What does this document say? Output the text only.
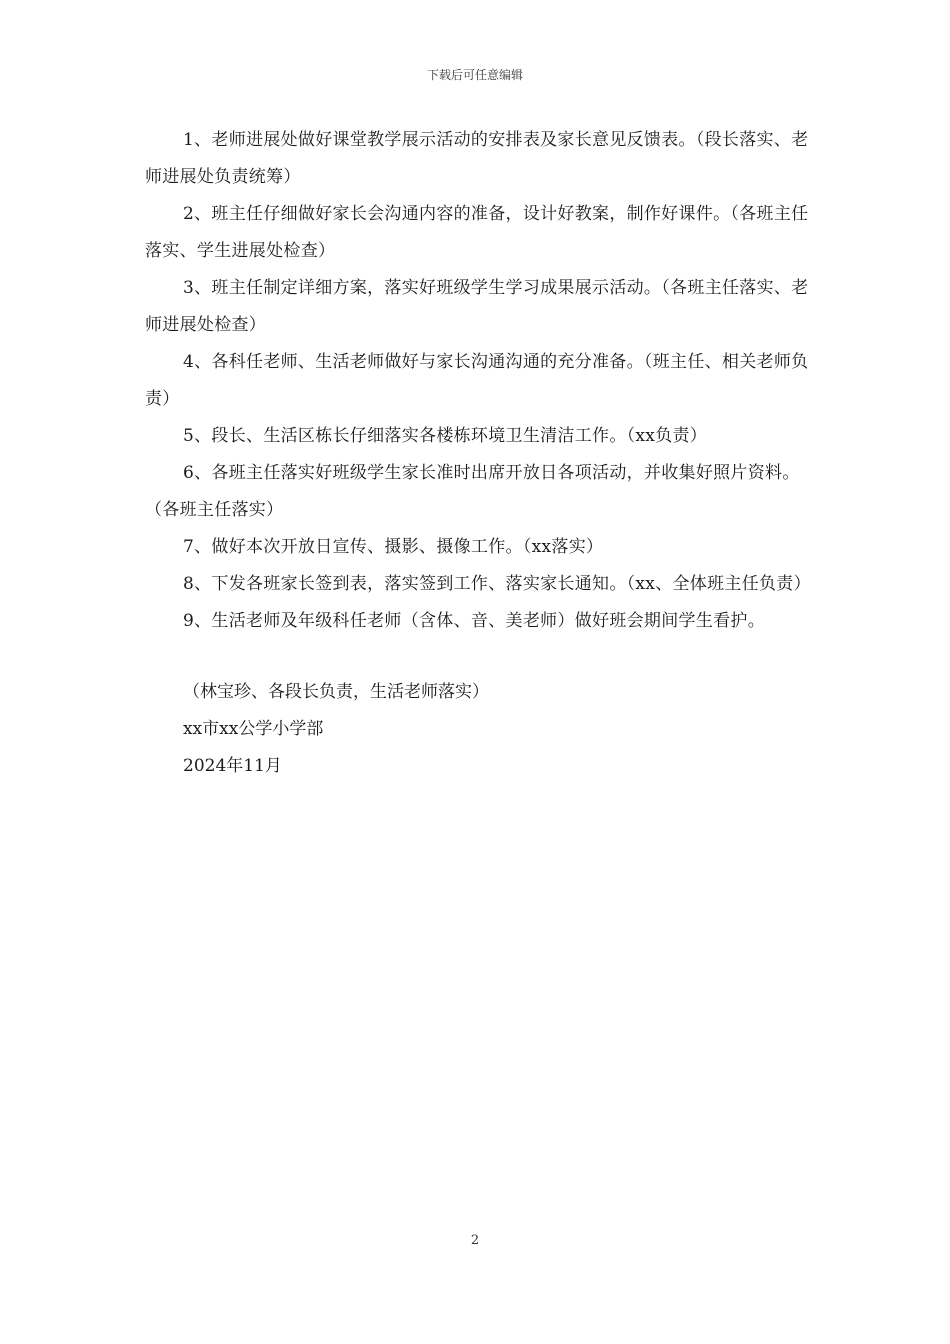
下载后可任意编辑

1、老师进展处做好课堂教学展示活动的安排表及家长意见反馈表。（段长落实、老师进展处负责统筹）

2、班主任仔细做好家长会沟通内容的准备，设计好教案，制作好课件。（各班主任落实、学生进展处检查）

3、班主任制定详细方案，落实好班级学生学习成果展示活动。（各班主任落实、老师进展处检查）

4、各科任老师、生活老师做好与家长沟通沟通的充分准备。（班主任、相关老师负责）

5、段长、生活区栋长仔细落实各楼栋环境卫生清洁工作。（xx负责）

6、各班主任落实好班级学生家长准时出席开放日各项活动，并收集好照片资料。（各班主任落实）

7、做好本次开放日宣传、摄影、摄像工作。（xx落实）

8、下发各班家长签到表，落实签到工作、落实家长通知。（xx、全体班主任负责）

9、生活老师及年级科任老师（含体、音、美老师）做好班会期间学生看护。

（林宝珍、各段长负责，生活老师落实）

xx市xx公学小学部

2024年11月

2
